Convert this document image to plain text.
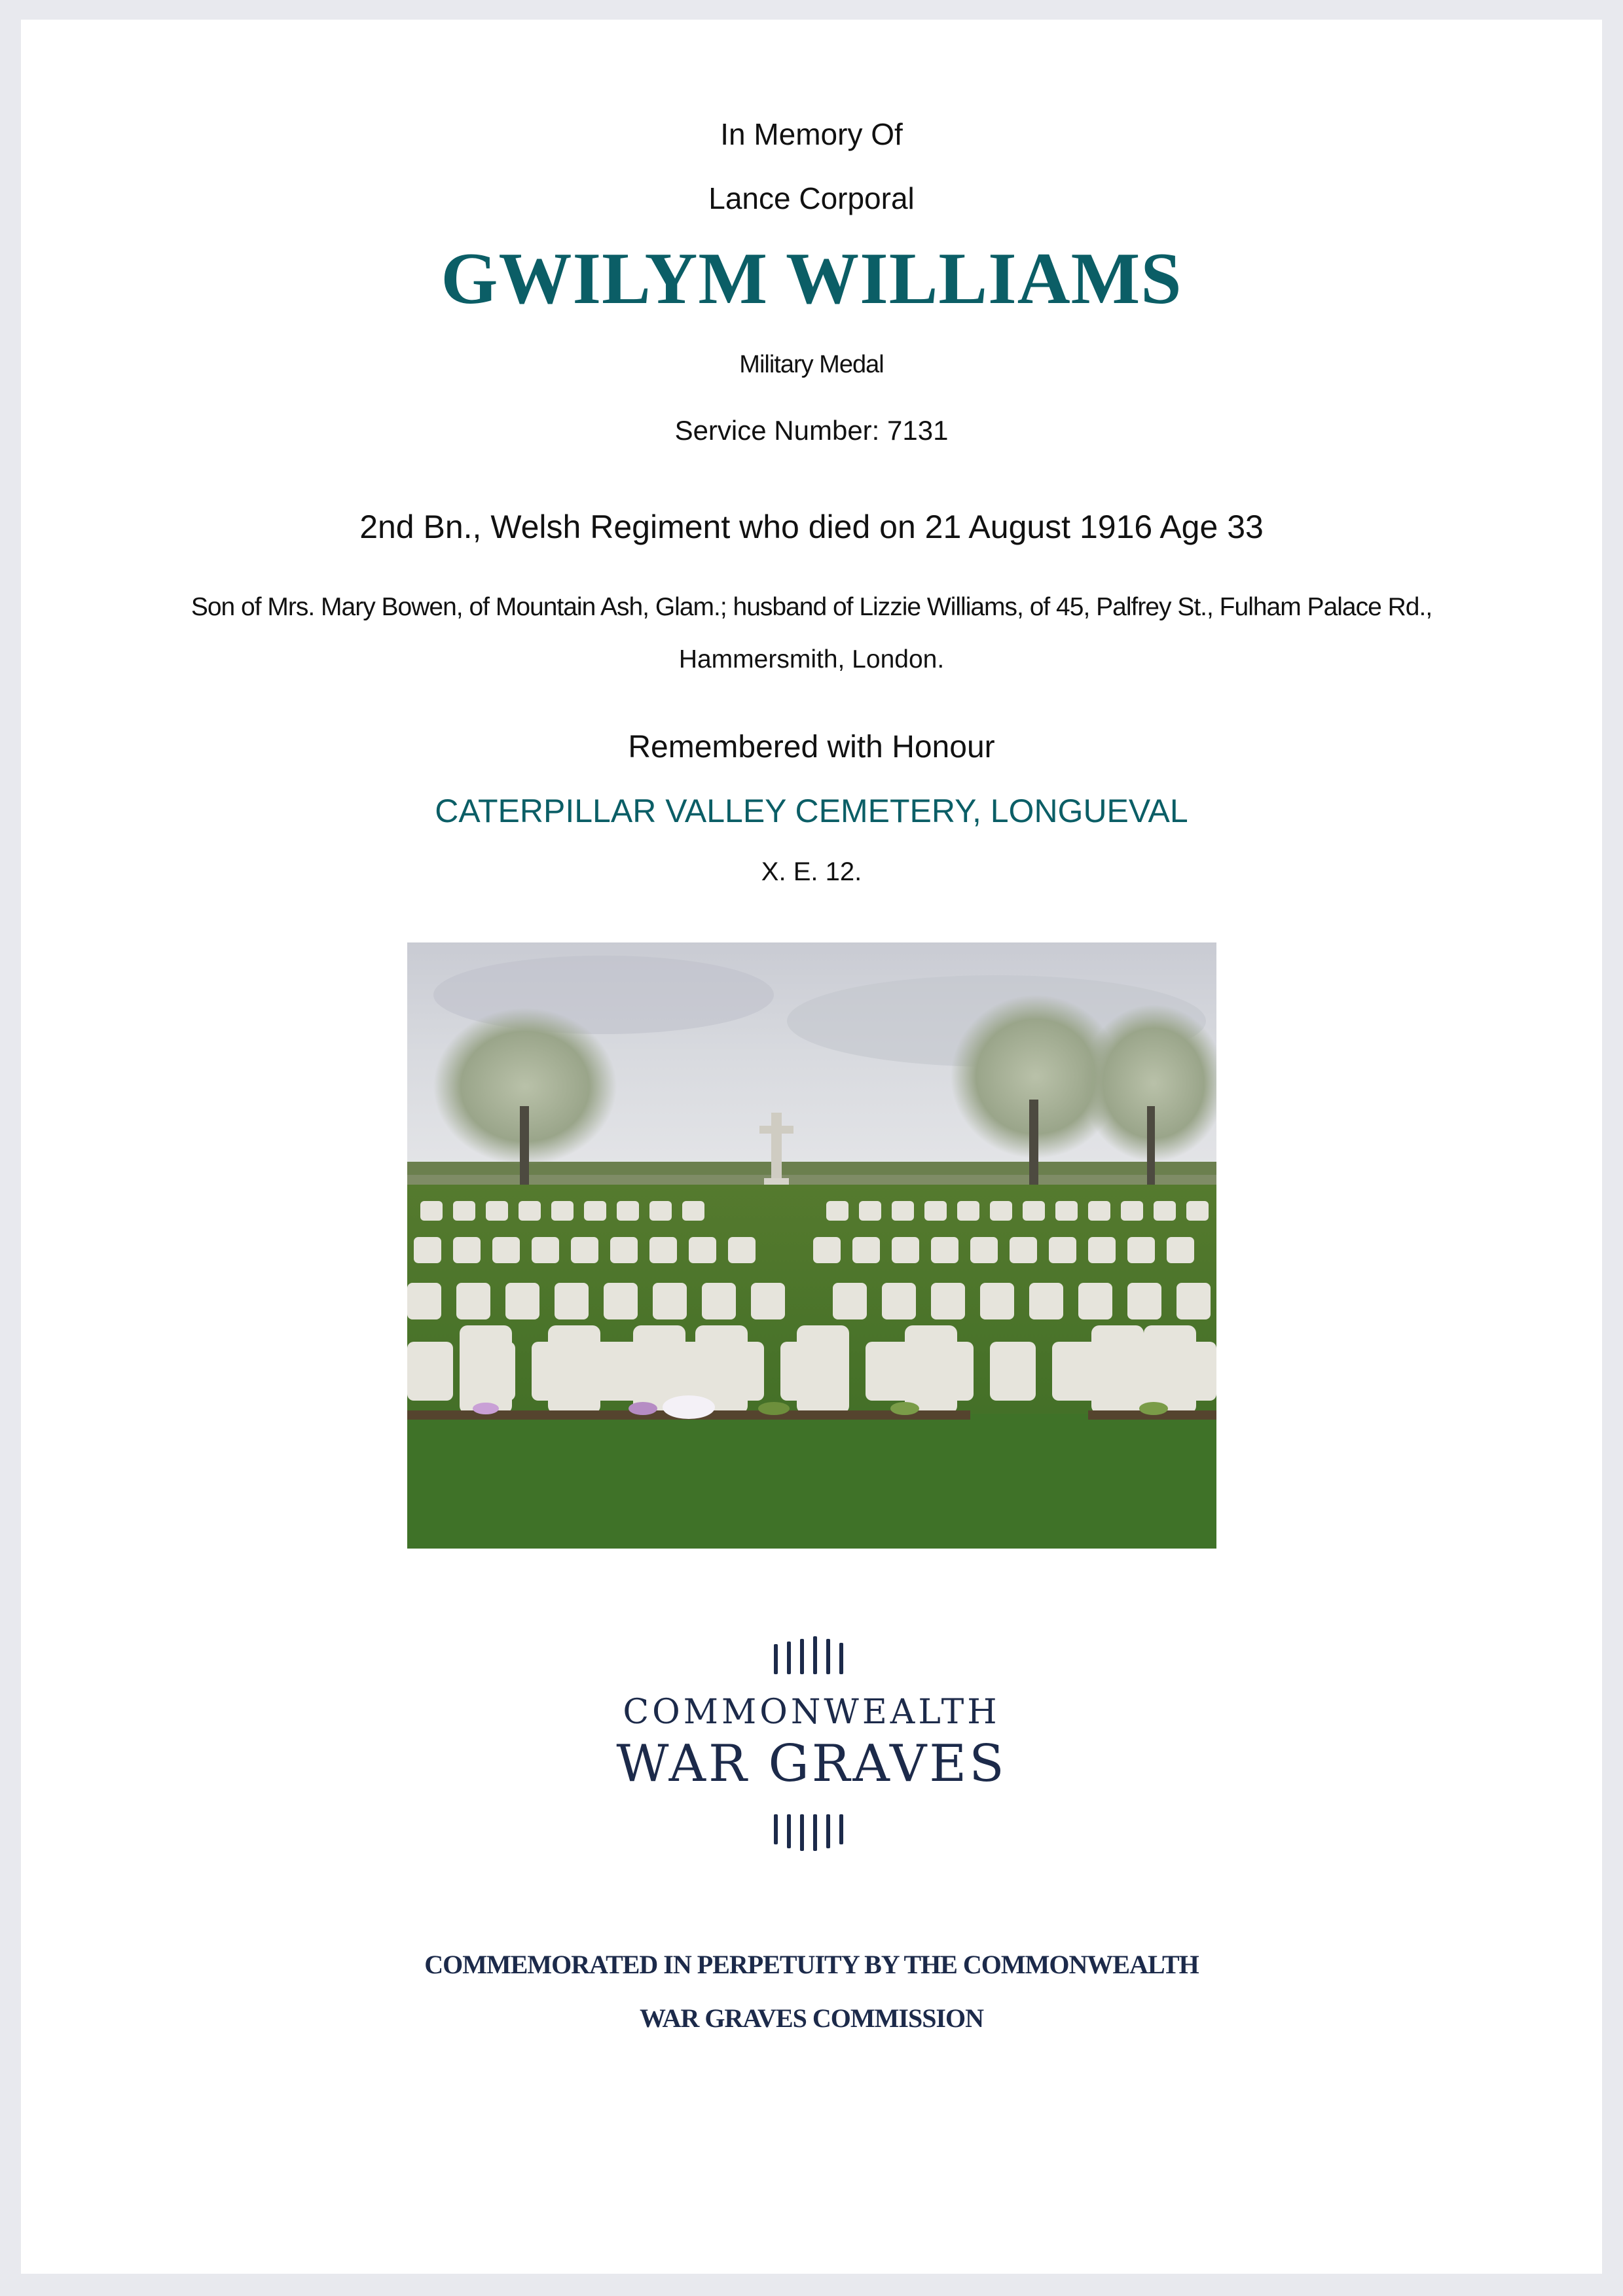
In Memory Of
Lance Corporal
GWILYM WILLIAMS
Military Medal
Service Number: 7131
2nd Bn., Welsh Regiment who died on 21 August 1916 Age 33
Son of Mrs. Mary Bowen, of Mountain Ash, Glam.; husband of Lizzie Williams, of 45, Palfrey St., Fulham Palace Rd.,
Hammersmith, London.
Remembered with Honour
CATERPILLAR VALLEY CEMETERY, LONGUEVAL
X. E. 12.
COMMONWEALTH
WAR GRAVES
COMMEMORATED IN PERPETUITY BY THE COMMONWEALTH
WAR GRAVES COMMISSION
